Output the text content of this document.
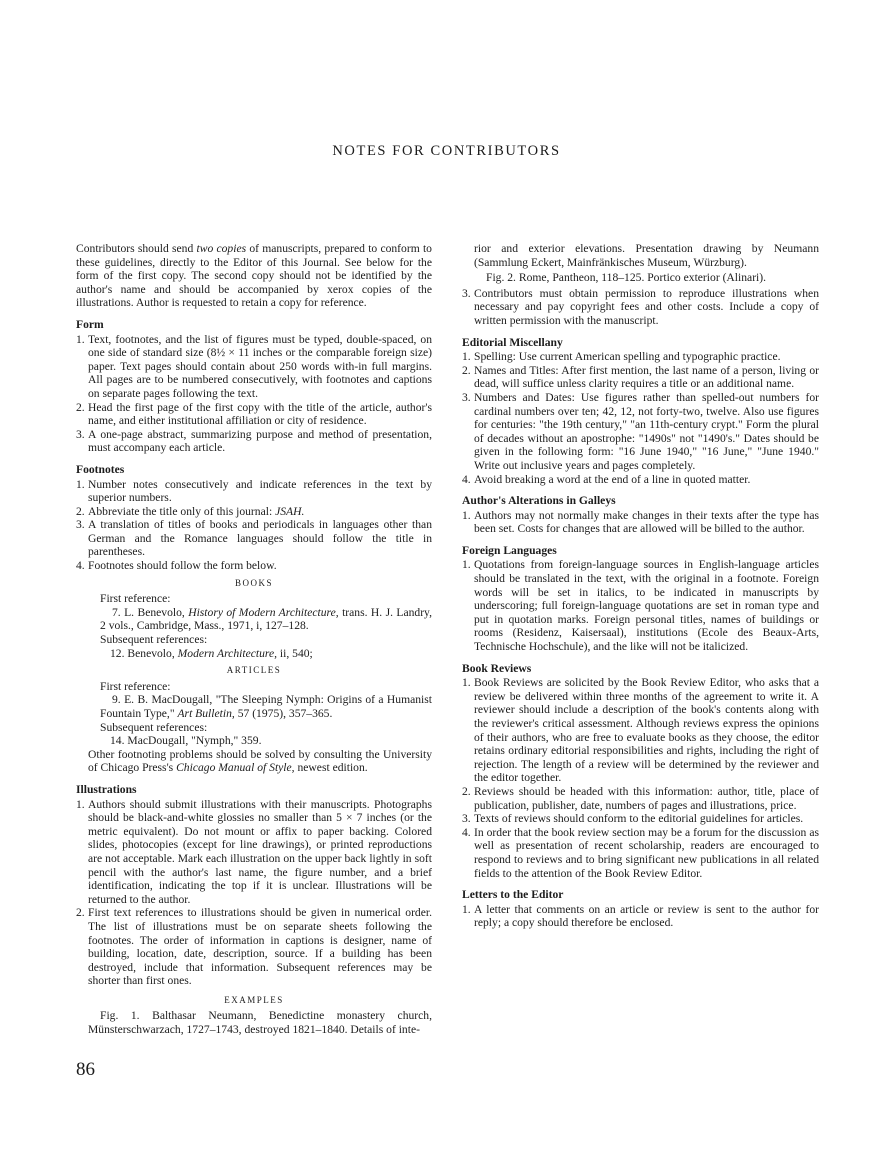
NOTES FOR CONTRIBUTORS

Contributors should send two copies of manuscripts, prepared to conform to these guidelines, directly to the Editor of this Journal. See below for the form of the first copy. The second copy should not be identified by the author's name and should be accompanied by xerox copies of the illustrations. Author is requested to retain a copy for reference.

Form

1. Text, footnotes, and the list of figures must be typed, double-spaced, on one side of standard size (8½ × 11 inches or the comparable foreign size) paper. Text pages should contain about 250 words with-in full margins. All pages are to be numbered consecutively, with footnotes and captions on separate pages following the text.
2. Head the first page of the first copy with the title of the article, author's name, and either institutional affiliation or city of residence.
3. A one-page abstract, summarizing purpose and method of presentation, must accompany each article.

Footnotes

1. Number notes consecutively and indicate references in the text by superior numbers.
2. Abbreviate the title only of this journal: JSAH.
3. A translation of titles of books and periodicals in languages other than German and the Romance languages should follow the title in parentheses.
4. Footnotes should follow the form below.

BOOKS

First reference:

7. L. Benevolo, History of Modern Architecture, trans. H. J. Landry, 2 vols., Cambridge, Mass., 1971, i, 127–128.

Subsequent references:

12. Benevolo, Modern Architecture, ii, 540;

ARTICLES

First reference:

9. E. B. MacDougall, "The Sleeping Nymph: Origins of a Humanist Fountain Type," Art Bulletin, 57 (1975), 357–365.

Subsequent references:

14. MacDougall, "Nymph," 359.

Other footnoting problems should be solved by consulting the University of Chicago Press's Chicago Manual of Style, newest edition.

Illustrations

1. Authors should submit illustrations with their manuscripts. Photographs should be black-and-white glossies no smaller than 5 × 7 inches (or the metric equivalent). Do not mount or affix to paper backing. Colored slides, photocopies (except for line drawings), or printed reproductions are not acceptable. Mark each illustration on the upper back lightly in soft pencil with the author's last name, the figure number, and a brief identification, indicating the top if it is unclear. Illustrations will be returned to the author.
2. First text references to illustrations should be given in numerical order. The list of illustrations must be on separate sheets following the footnotes. The order of information in captions is designer, name of building, location, date, description, source. If a building has been destroyed, include that information. Subsequent references may be shorter than first ones.

EXAMPLES

Fig. 1. Balthasar Neumann, Benedictine monastery church, Münsterschwarzach, 1727–1743, destroyed 1821–1840. Details of inte-

rior and exterior elevations. Presentation drawing by Neumann (Sammlung Eckert, Mainfränkisches Museum, Würzburg).

Fig. 2. Rome, Pantheon, 118–125. Portico exterior (Alinari).

3. Contributors must obtain permission to reproduce illustrations when necessary and pay copyright fees and other costs. Include a copy of written permission with the manuscript.

Editorial Miscellany

1. Spelling: Use current American spelling and typographic practice.
2. Names and Titles: After first mention, the last name of a person, living or dead, will suffice unless clarity requires a title or an additional name.
3. Numbers and Dates: Use figures rather than spelled-out numbers for cardinal numbers over ten; 42, 12, not forty-two, twelve. Also use figures for centuries: "the 19th century," "an 11th-century crypt." Form the plural of decades without an apostrophe: "1490s" not "1490's." Dates should be given in the following form: "16 June 1940," "16 June," "June 1940." Write out inclusive years and pages completely.
4. Avoid breaking a word at the end of a line in quoted matter.

Author's Alterations in Galleys

1. Authors may not normally make changes in their texts after the type has been set. Costs for changes that are allowed will be billed to the author.

Foreign Languages

1. Quotations from foreign-language sources in English-language articles should be translated in the text, with the original in a footnote. Foreign words will be set in italics, to be indicated in manuscripts by underscoring; full foreign-language quotations are set in roman type and put in quotation marks. Foreign personal titles, names of buildings or rooms (Residenz, Kaisersaal), institutions (Ecole des Beaux-Arts, Technische Hochschule), and the like will not be italicized.

Book Reviews

1. Book Reviews are solicited by the Book Review Editor, who asks that a review be delivered within three months of the agreement to write it. A reviewer should include a description of the book's contents along with the reviewer's critical assessment. Although reviews express the opinions of their authors, who are free to evaluate books as they choose, the editor retains ordinary editorial responsibilities and rights, including the right of rejection. The length of a review will be determined by the reviewer and the editor together.
2. Reviews should be headed with this information: author, title, place of publication, publisher, date, numbers of pages and illustrations, price.
3. Texts of reviews should conform to the editorial guidelines for articles.
4. In order that the book review section may be a forum for the discussion as well as presentation of recent scholarship, readers are encouraged to respond to reviews and to bring significant new publications in all related fields to the attention of the Book Review Editor.

Letters to the Editor

1. A letter that comments on an article or review is sent to the author for reply; a copy should therefore be enclosed.

86
